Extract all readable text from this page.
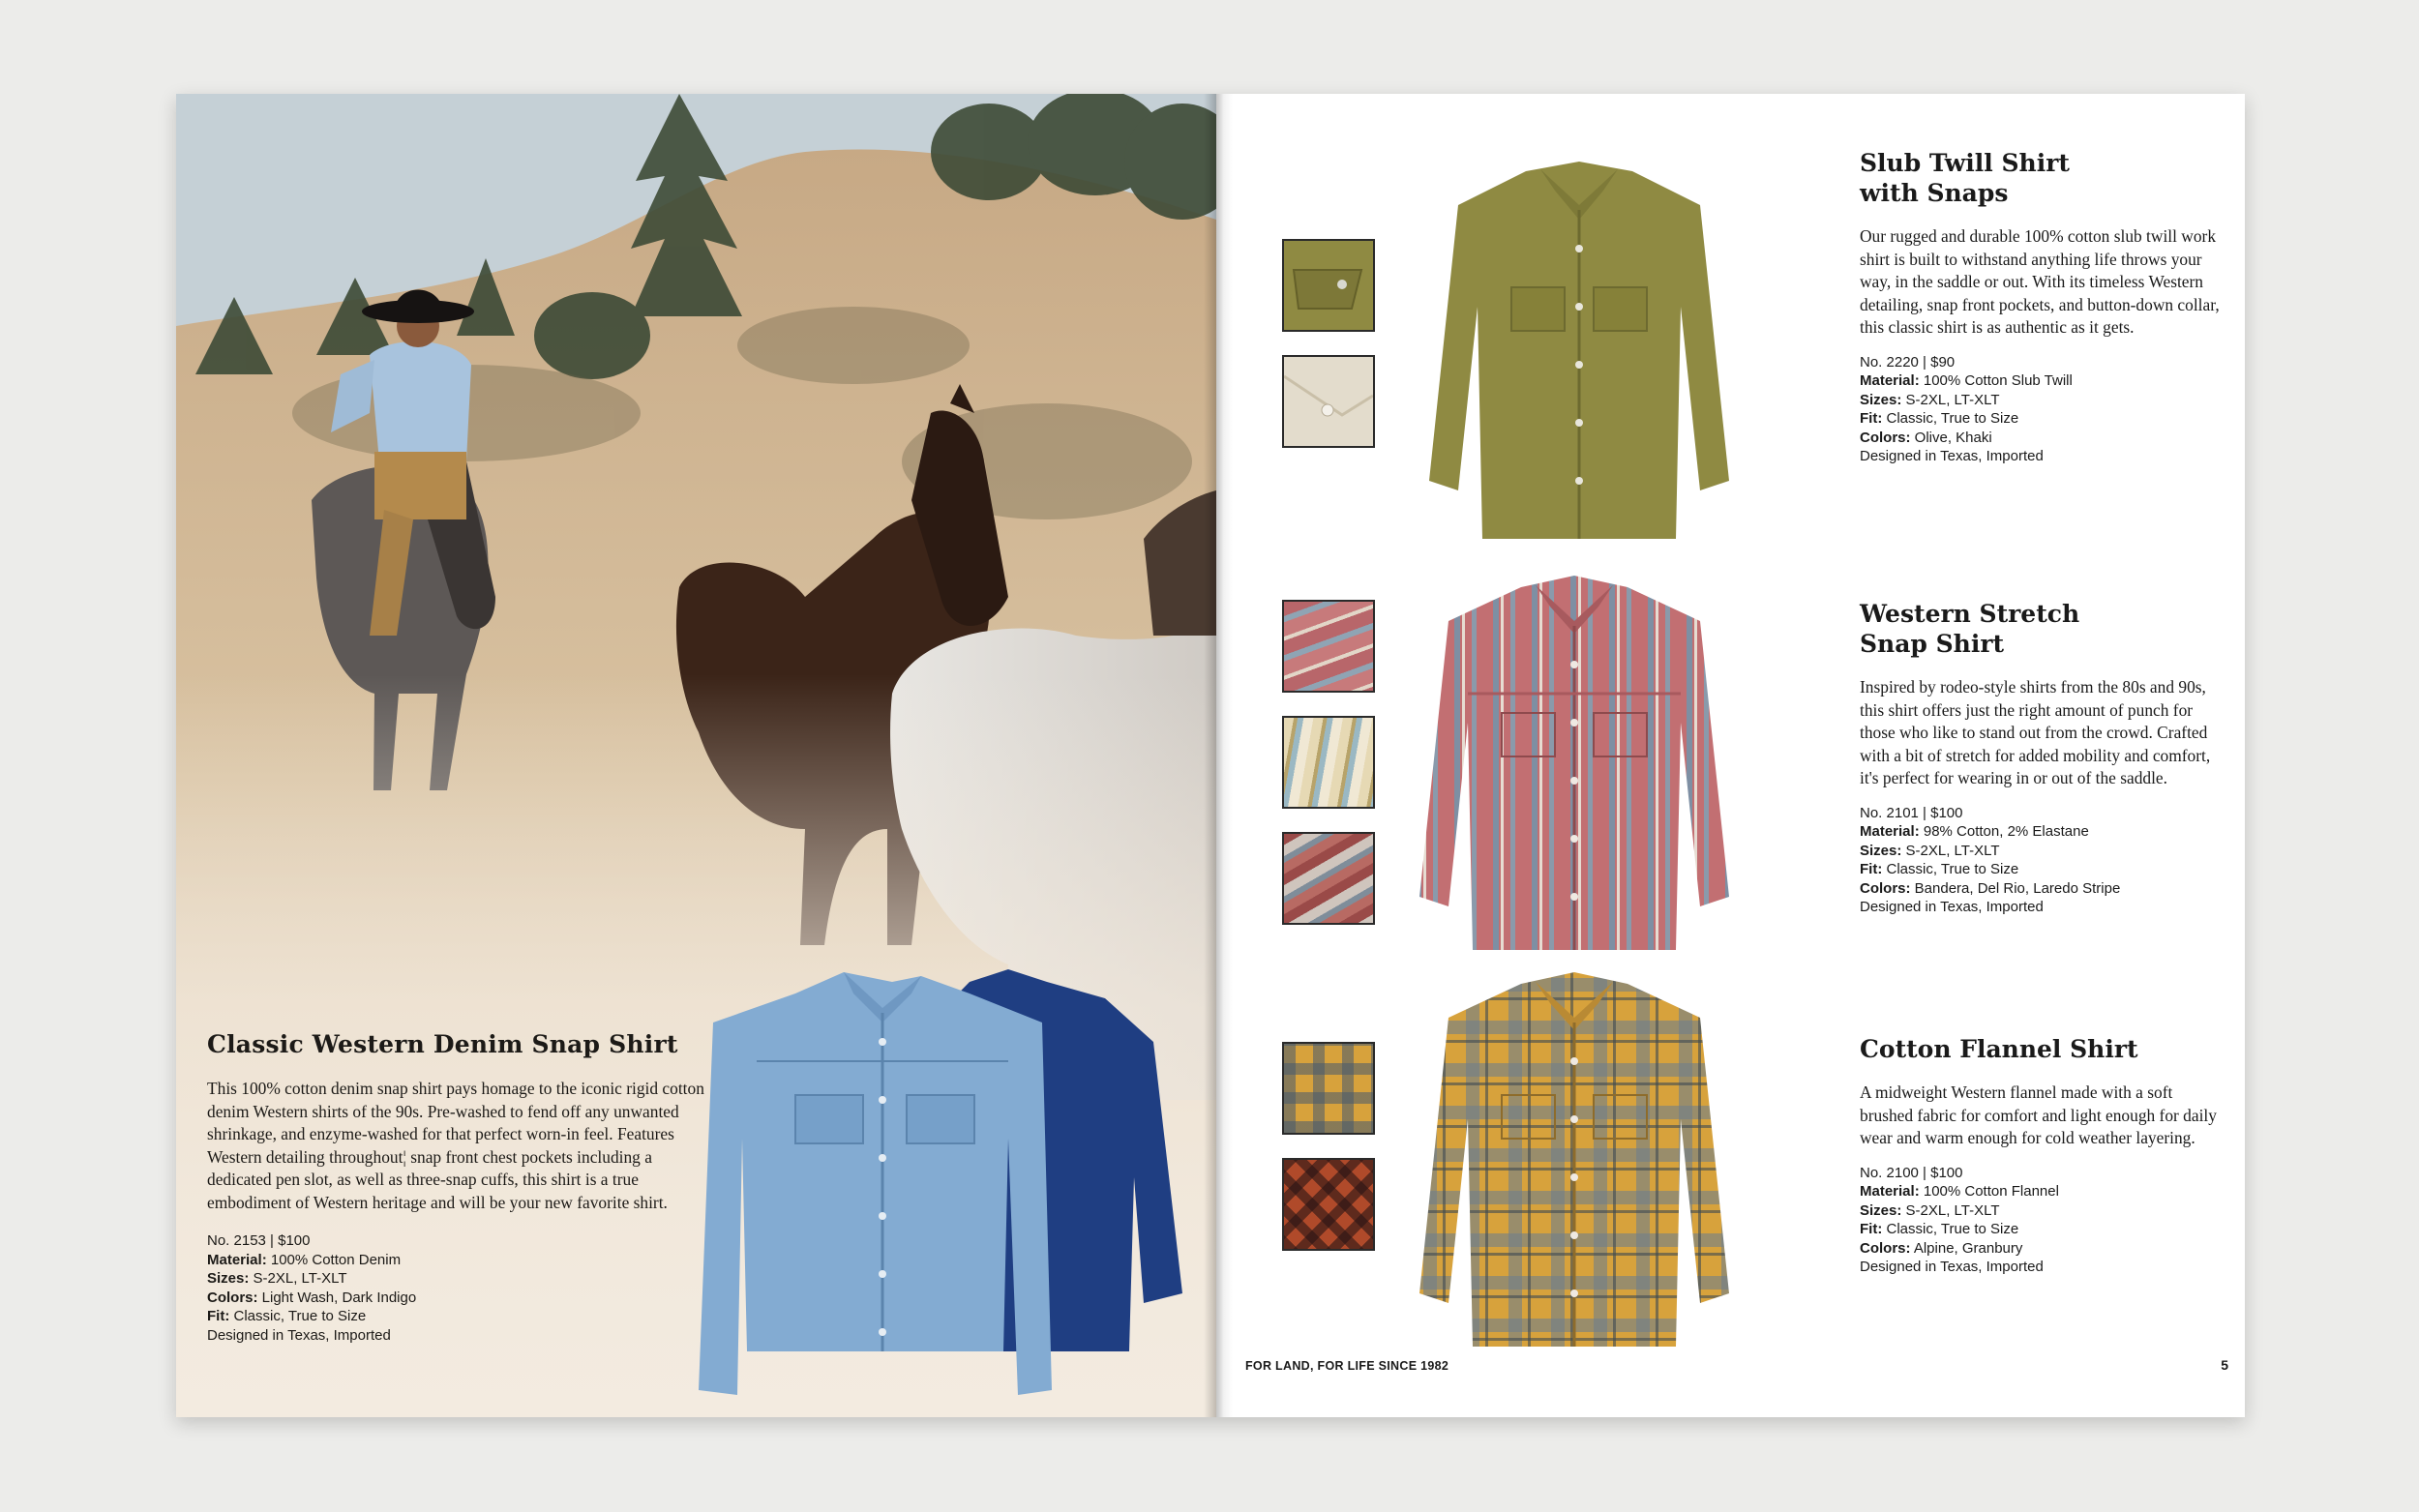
Classic Western Denim Snap Shirt

This 100% cotton denim snap shirt pays homage to the iconic rigid cotton denim Western shirts of the 90s. Pre-washed to fend off any unwanted shrinkage, and enzyme-washed for that perfect worn-in feel. Features Western detailing throughout¦ snap front chest pockets including a dedicated pen slot, as well as three-snap cuffs, this shirt is a true embodiment of Western heritage and will be your new favorite shirt.

No. 2153 | $100
Material: 100% Cotton Denim
Sizes: S-2XL, LT-XLT
Colors: Light Wash, Dark Indigo
Fit: Classic, True to Size
Designed in Texas, Imported
Slub Twill Shirt
with Snaps

Our rugged and durable 100% cotton slub twill work shirt is built to withstand anything life throws your way, in the saddle or out. With its timeless Western detailing, snap front pockets, and button-down collar, this classic shirt is as authentic as it gets.

No. 2220 | $90
Material: 100% Cotton Slub Twill
Sizes: S-2XL, LT-XLT
Fit: Classic, True to Size
Colors: Olive, Khaki
Designed in Texas, Imported
Western Stretch
Snap Shirt

Inspired by rodeo-style shirts from the 80s and 90s, this shirt offers just the right amount of punch for those who like to stand out from the crowd. Crafted with a bit of stretch for added mobility and comfort, it's perfect for wearing in or out of the saddle.

No. 2101 | $100
Material: 98% Cotton, 2% Elastane
Sizes: S-2XL, LT-XLT
Fit: Classic, True to Size
Colors: Bandera, Del Rio, Laredo Stripe
Designed in Texas, Imported
Cotton Flannel Shirt

A midweight Western flannel made with a soft brushed fabric for comfort and light enough for daily wear and warm enough for cold weather layering.

No. 2100 | $100
Material: 100% Cotton Flannel
Sizes: S-2XL, LT-XLT
Fit: Classic, True to Size
Colors: Alpine, Granbury
Designed in Texas, Imported
FOR LAND, FOR LIFE SINCE 1982	5
